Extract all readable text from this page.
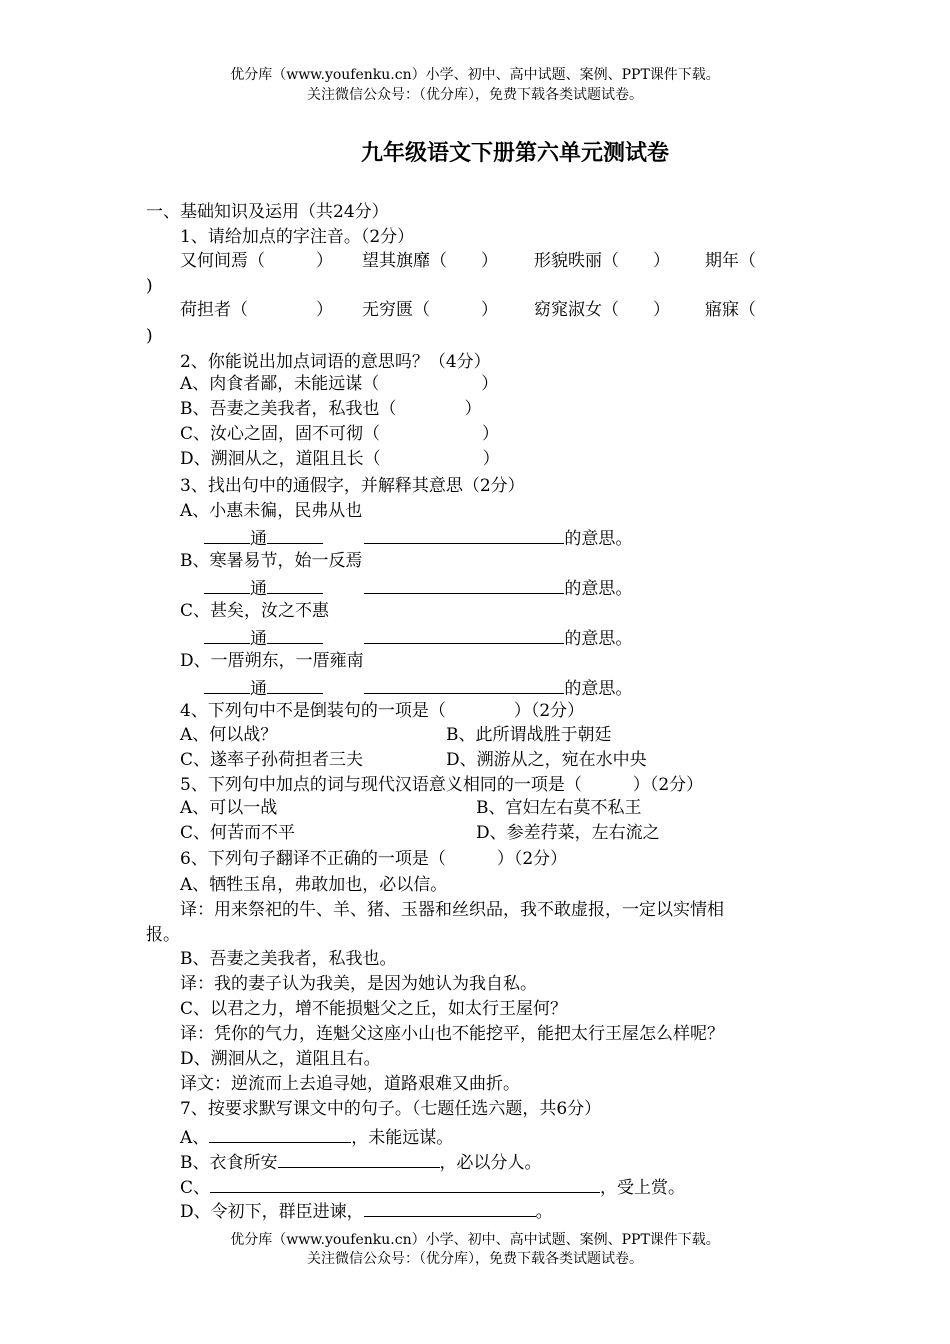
优分库（www.youfenku.cn）小学、初中、高中试题、案例、PPT课件下载。
关注微信公众号：（优分库），免费下载各类试题试卷。
九年级语文下册第六单元测试卷
一、基础知识及运用（共24分）
1、请给加点的字注音。（2分）
又何间焉（　　　） 望其旗靡（　　） 形貌昳丽（　　） 期年（
)
荷担者（　　　　） 无穷匮（　　　） 窈窕淑女（　　） 寤寐（
)
2、你能说出加点词语的意思吗？（4分）
A、肉食者鄙，未能远谋（　　　　　　）
B、吾妻之美我者，私我也（　　　　）
C、汝心之固，固不可彻（　　　　　　）
D、溯洄从之，道阻且长（　　　　　　）
3、找出句中的通假字，并解释其意思（2分）
A、小惠未徧，民弗从也
通	的意思。
B、寒暑易节，始一反焉
通	的意思。
C、甚矣，汝之不惠
通	的意思。
D、一厝朔东，一厝雍南
通	的意思。
4、下列句中不是倒装句的一项是（　　　　）（2分）
A、何以战？	B、此所谓战胜于朝廷
C、遂率子孙荷担者三夫	D、溯游从之，宛在水中央
5、下列句中加点的词与现代汉语意义相同的一项是（　　　）（2分）
A、可以一战	B、宫妇左右莫不私王
C、何苦而不平	D、参差荇菜，左右流之
6、下列句子翻译不正确的一项是（　　　）（2分）
A、牺牲玉帛，弗敢加也，必以信。
译：用来祭祀的牛、羊、猪、玉器和丝织品，我不敢虚报，一定以实情相
报。
B、吾妻之美我者，私我也。
译：我的妻子认为我美，是因为她认为我自私。
C、以君之力，增不能损魁父之丘，如太行王屋何？
译：凭你的气力，连魁父这座小山也不能挖平，能把太行王屋怎么样呢？
D、溯洄从之，道阻且右。
译文：逆流而上去追寻她，道路艰难又曲折。
7、按要求默写课文中的句子。（七题任选六题，共6分）
A、	，未能远谋。
B、衣食所安	，必以分人。
C、	，受上赏。
D、令初下，群臣进谏，	。
优分库（www.youfenku.cn）小学、初中、高中试题、案例、PPT课件下载。
关注微信公众号：（优分库），免费下载各类试题试卷。
